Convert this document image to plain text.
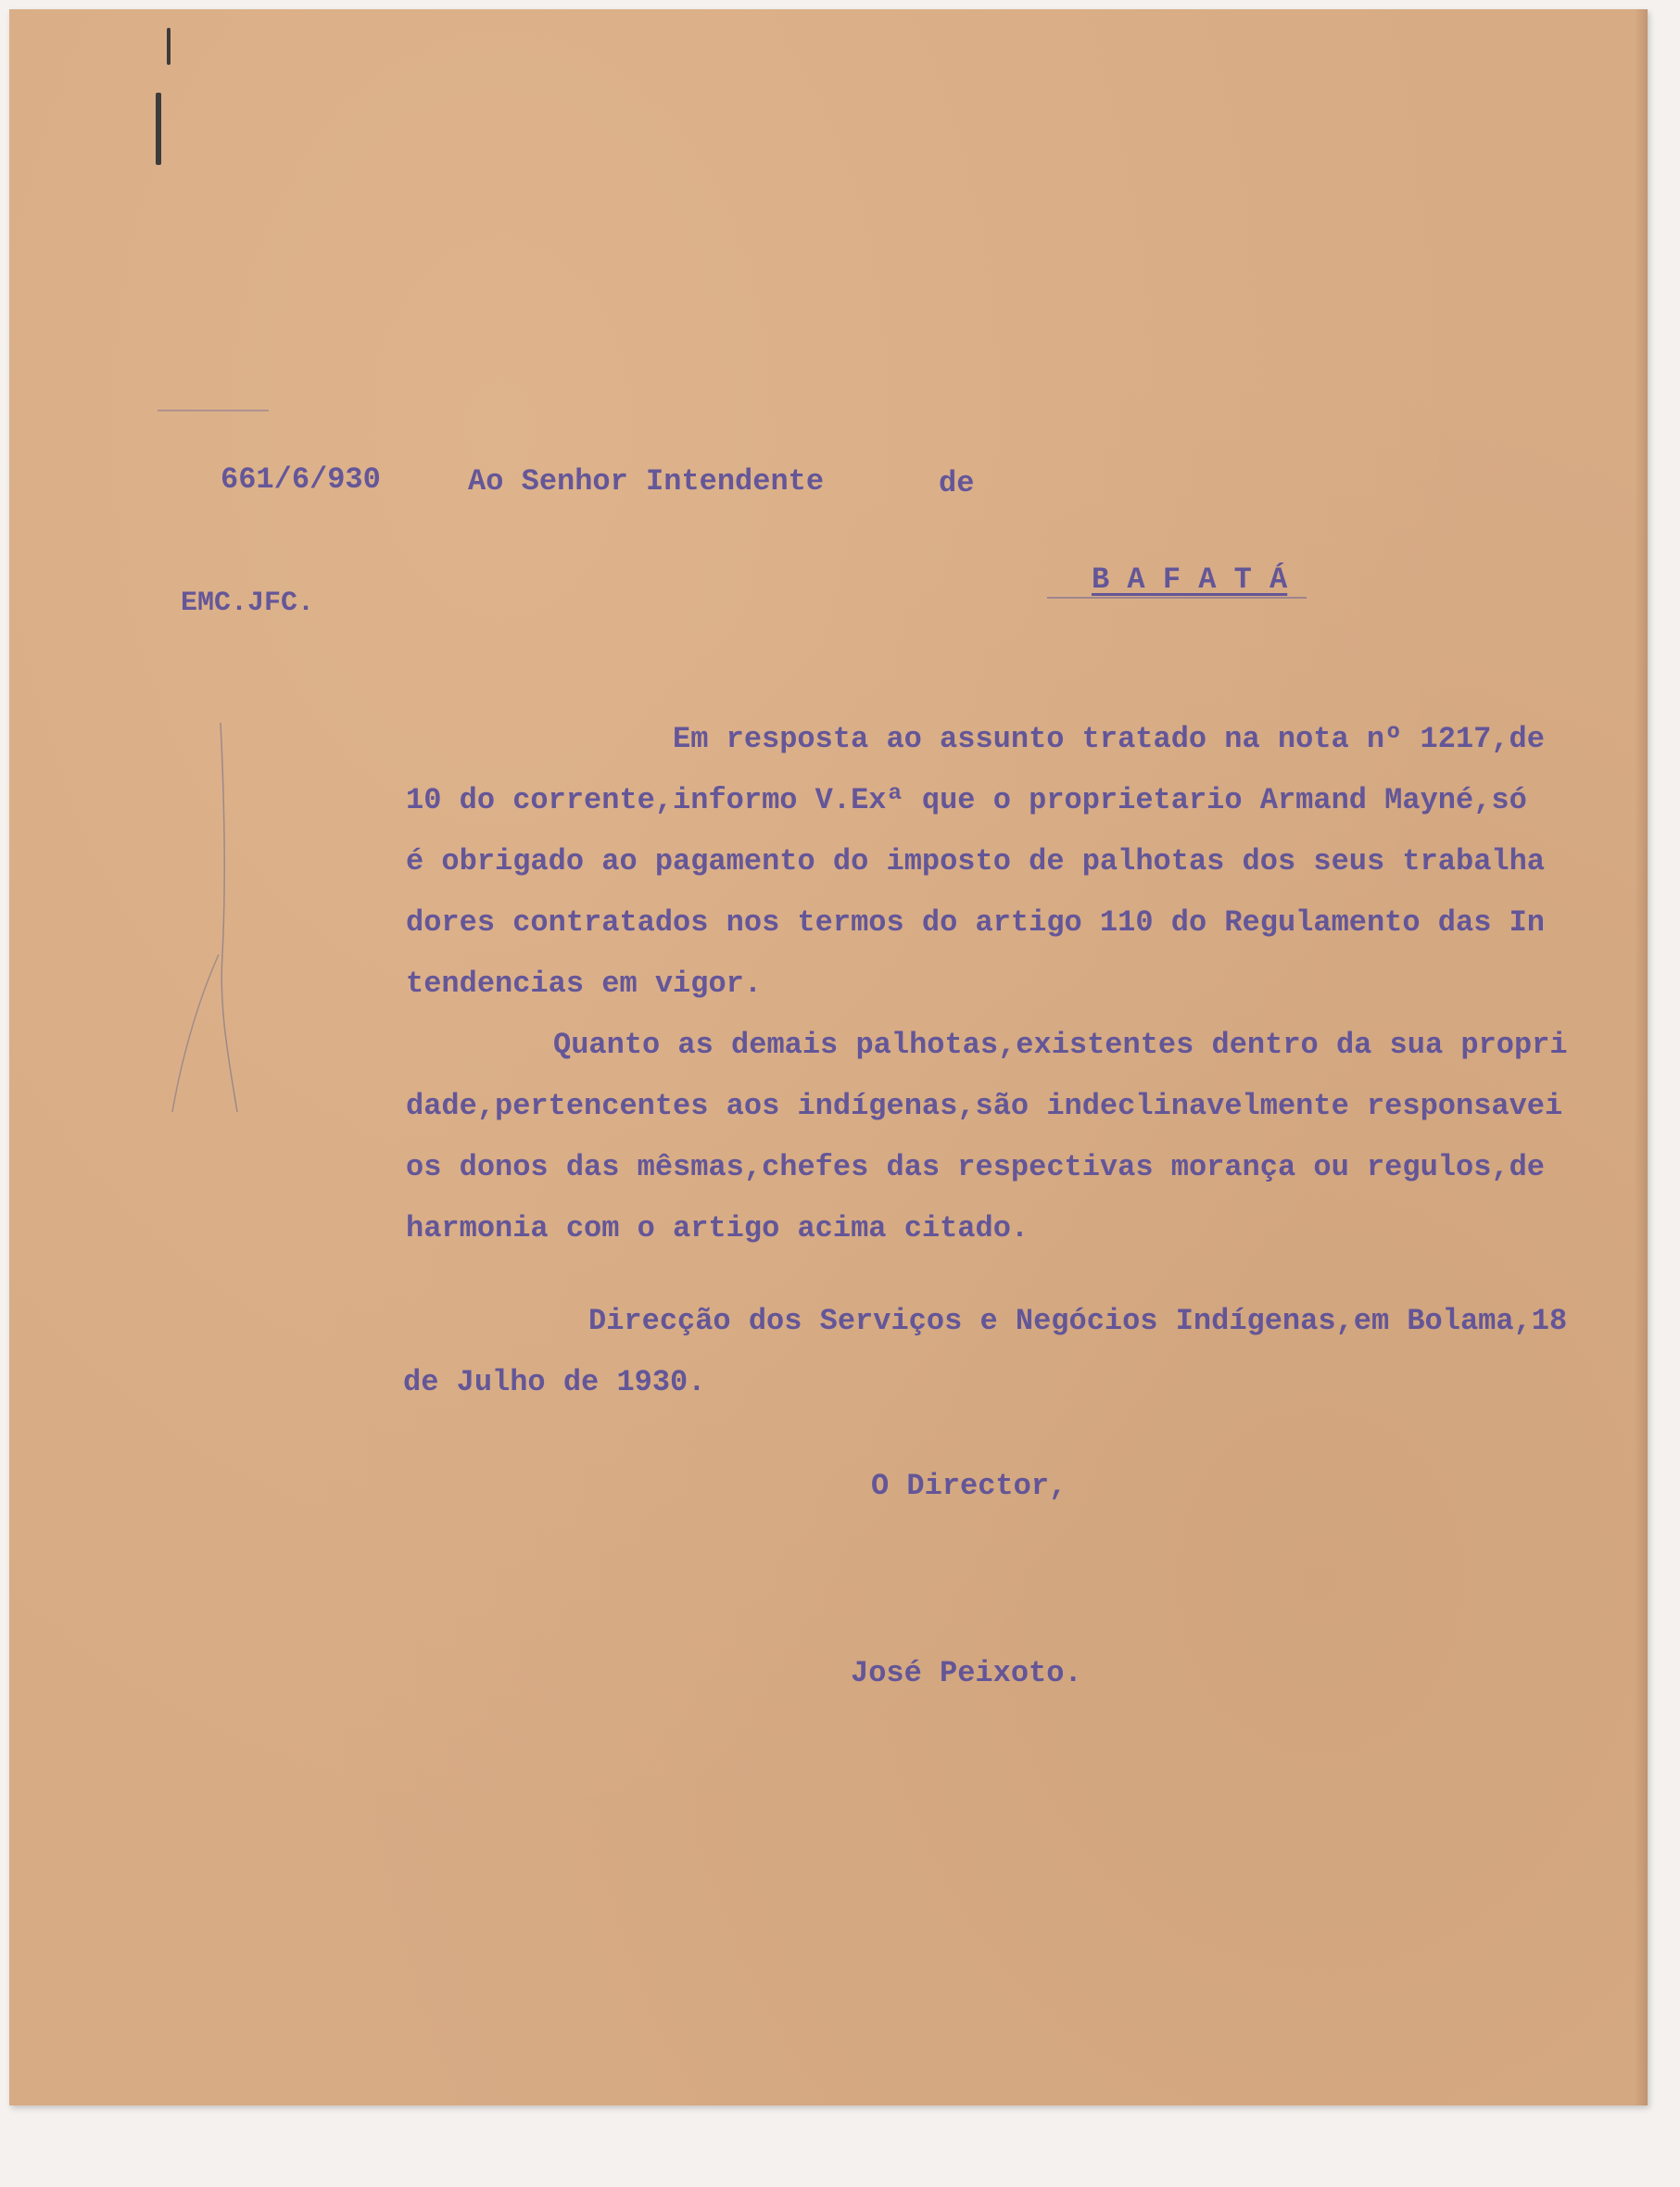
661/6/930	Ao Senhor Intendente	de
B A F A T Á
EMC.JFC.
Em resposta ao assunto tratado na nota nº 1217,de
10 do corrente,informo V.Exª que o proprietario Armand Mayné,só
é obrigado ao pagamento do imposto de palhotas dos seus trabalha
dores contratados nos termos do artigo 110 do Regulamento das In
tendencias em vigor.
Quanto as demais palhotas,existentes dentro da sua propri
dade,pertencentes aos indígenas,são indeclinavelmente responsavei
os donos das mêsmas,chefes das respectivas morança ou regulos,de
harmonia com o artigo acima citado.
Direcção dos Serviços e Negócios Indígenas,em Bolama,18
de Julho de 1930.
O Director,
José Peixoto.
